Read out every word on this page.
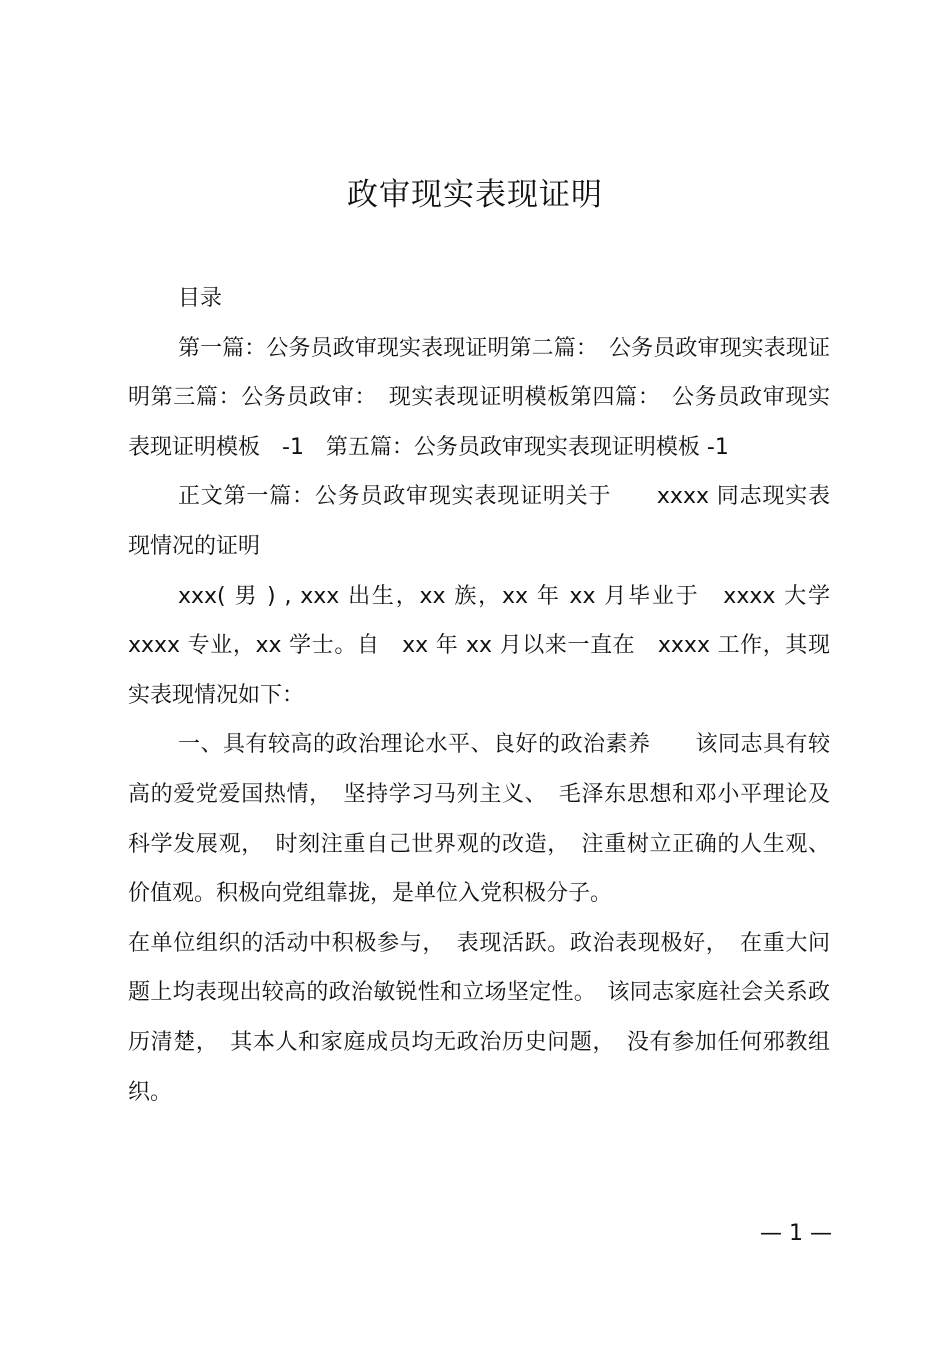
政审现实表现证明

目录

第一篇：公务员政审现实表现证明第二篇：　公务员政审现实表现证明第三篇：公务员政审：　现实表现证明模板第四篇：　公务员政审现实表现证明模板　-1　第五篇：公务员政审现实表现证明模板 -1

正文第一篇：公务员政审现实表现证明关于　　xxxx 同志现实表现情况的证明

xxx( 男 ) , xxx 出生，xx 族，xx 年 xx 月毕业于　xxxx 大学 xxxx 专业，xx 学士。自　xx 年 xx 月以来一直在　xxxx 工作，其现实表现情况如下：

一、具有较高的政治理论水平、良好的政治素养　　该同志具有较高的爱党爱国热情，　坚持学习马列主义、　毛泽东思想和邓小平理论及科学发展观，　时刻注重自己世界观的改造，　注重树立正确的人生观、价值观。积极向党组靠拢，是单位入党积极分子。

在单位组织的活动中积极参与，　表现活跃。政治表现极好，　在重大问题上均表现出较高的政治敏锐性和立场坚定性。　该同志家庭社会关系政历清楚，　其本人和家庭成员均无政治历史问题，　没有参加任何邪教组织。

— 1 —
